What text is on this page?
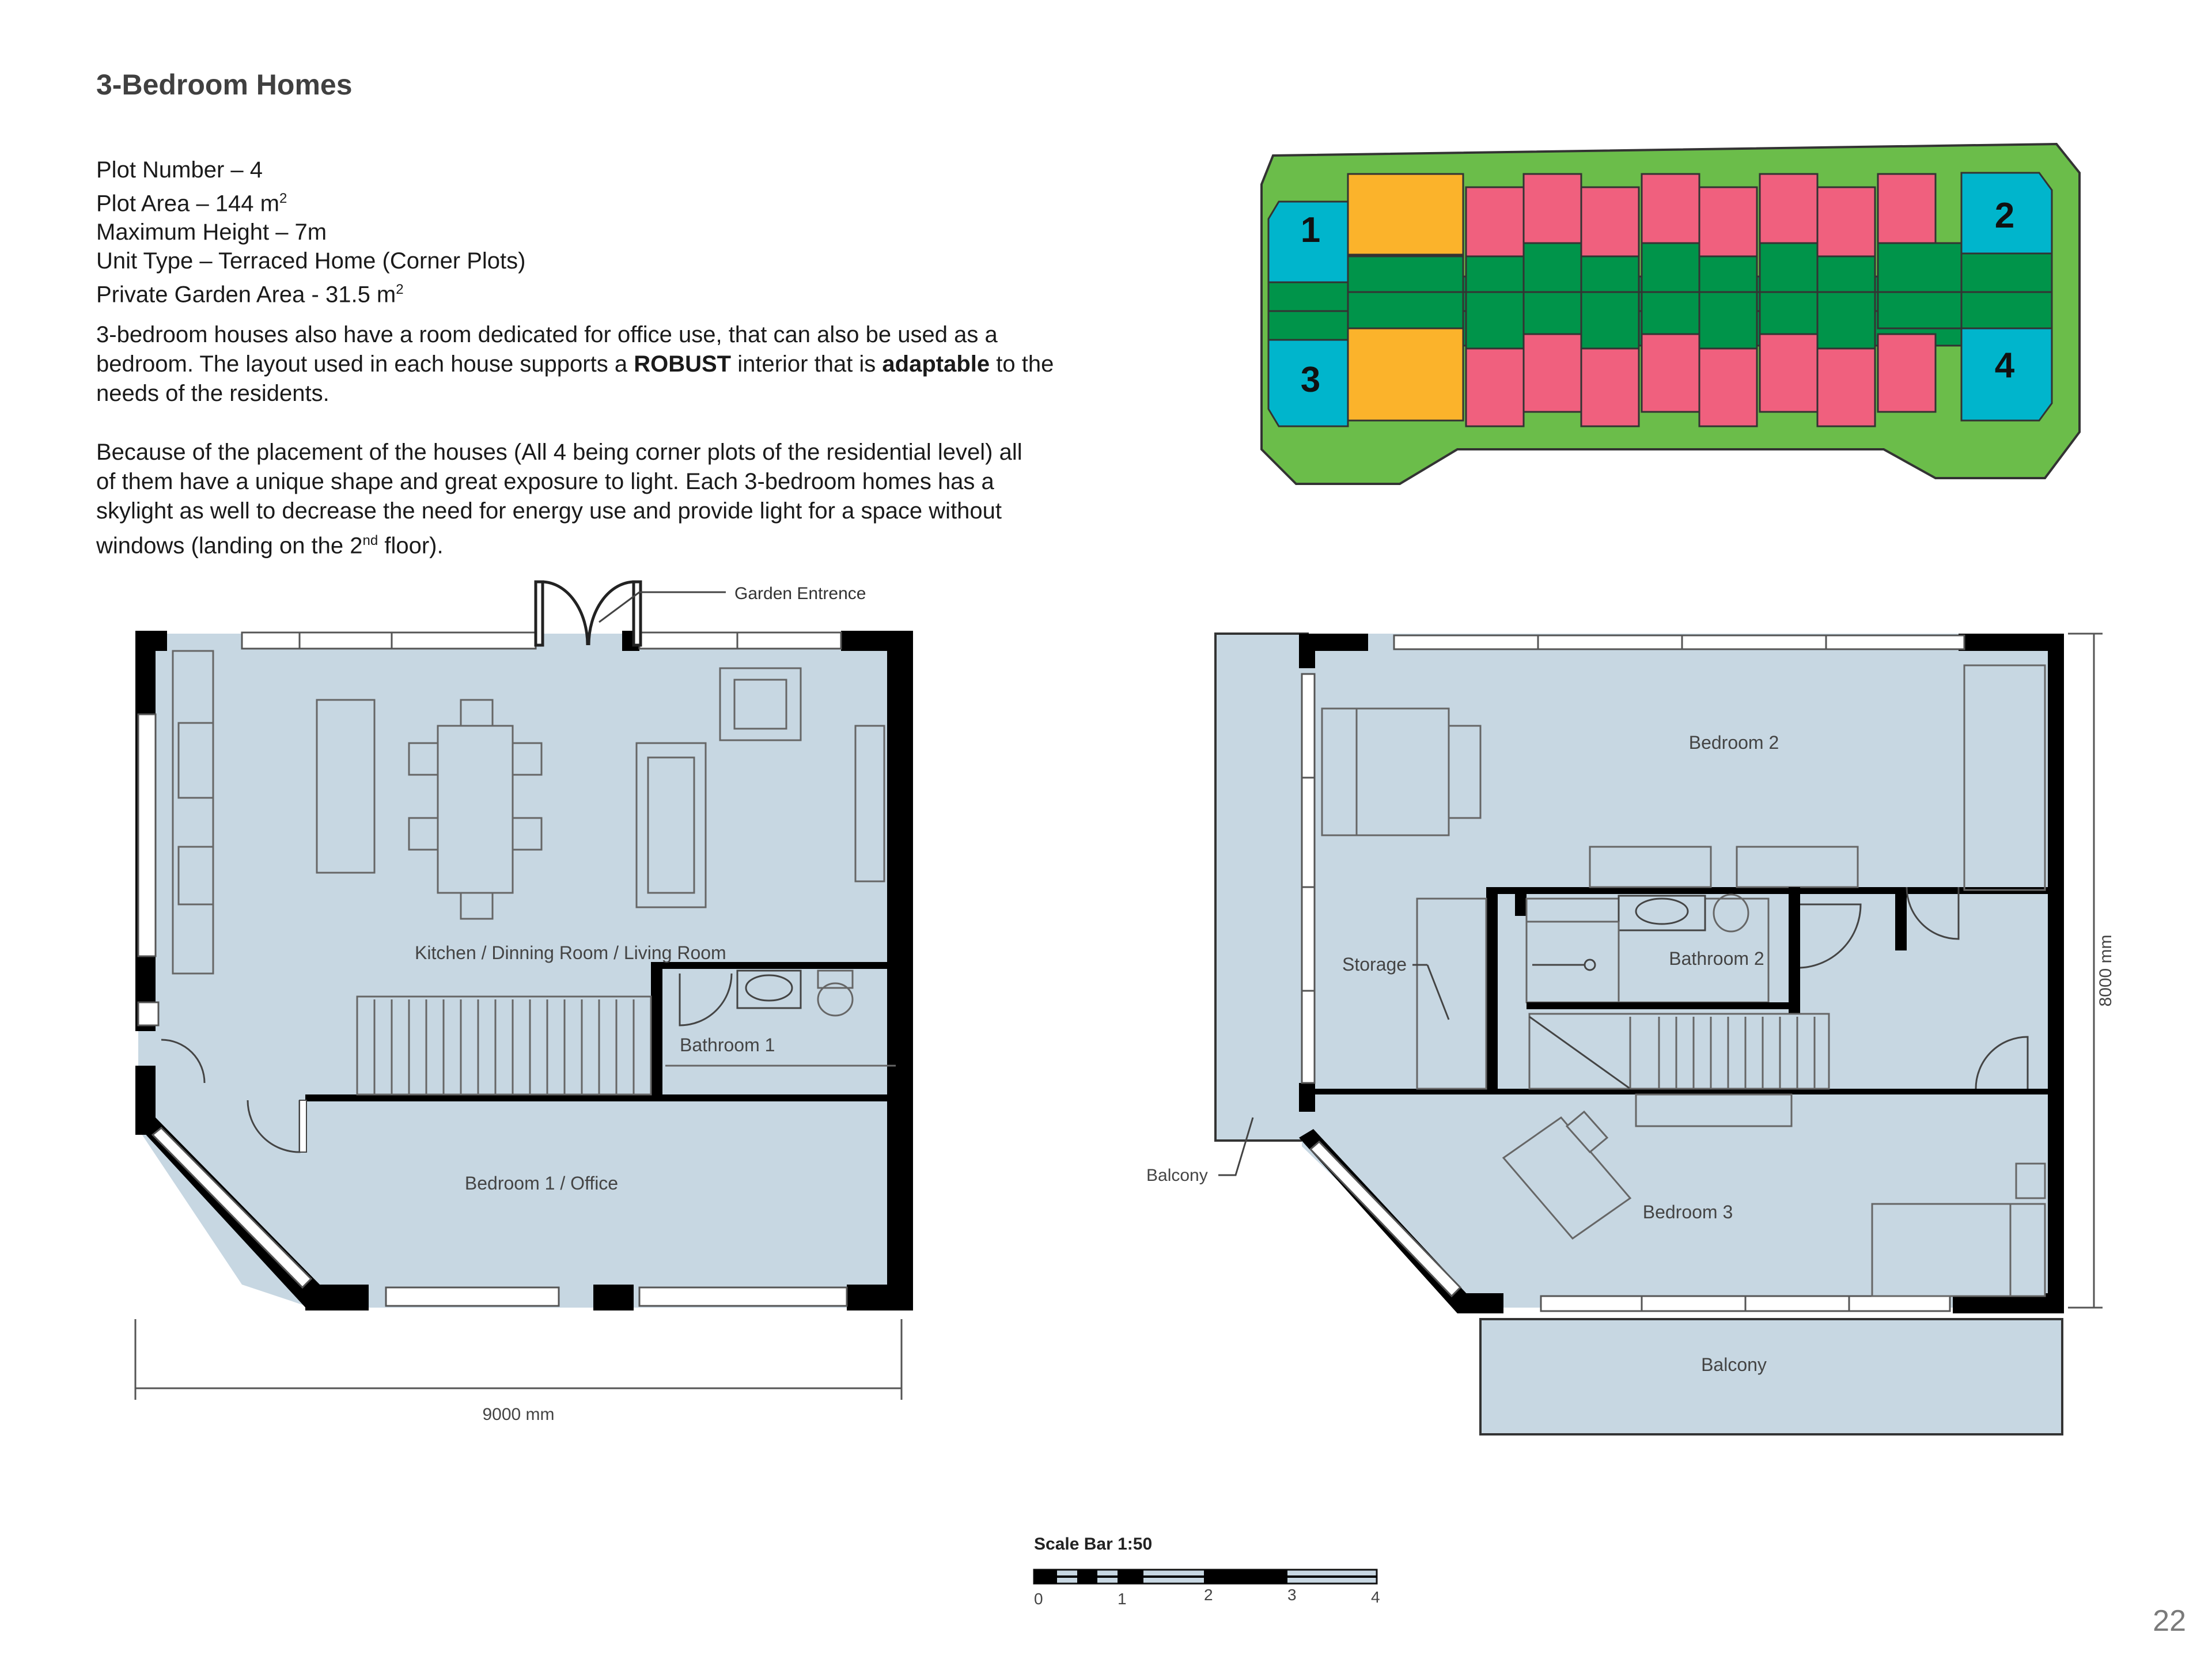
3-Bedroom Homes
Plot Number – 4
Plot Area – 144 $m^2$
Maximum Height – 7m
Unit Type – Terraced Home (Corner Plots)
Private Garden Area - 31.5 $m^2$
3-bedroom houses also have a room dedicated for office use, that can also be used as a
bedroom. The layout used in each house supports a ROBUST interior that is adaptable to the
needs of the residents.
Because of the placement of the houses (All 4 being corner plots of the residential level) all
of them have a unique shape and great exposure to light. Each 3-bedroom homes has a
skylight as well to decrease the need for energy use and provide light for a space without
windows (landing on the 2nd floor).
1	2
3	4
Garden Entrence
Kitchen / Dinning Room / Living Room
Bathroom 1
Bedroom 1 / Office
9000 mm
Bedroom 2
Bathroom 2
Storage
Bedroom 3
Balcony
Balcony
8000 mm
Scale Bar 1:50
0	1	2	3	4
22
